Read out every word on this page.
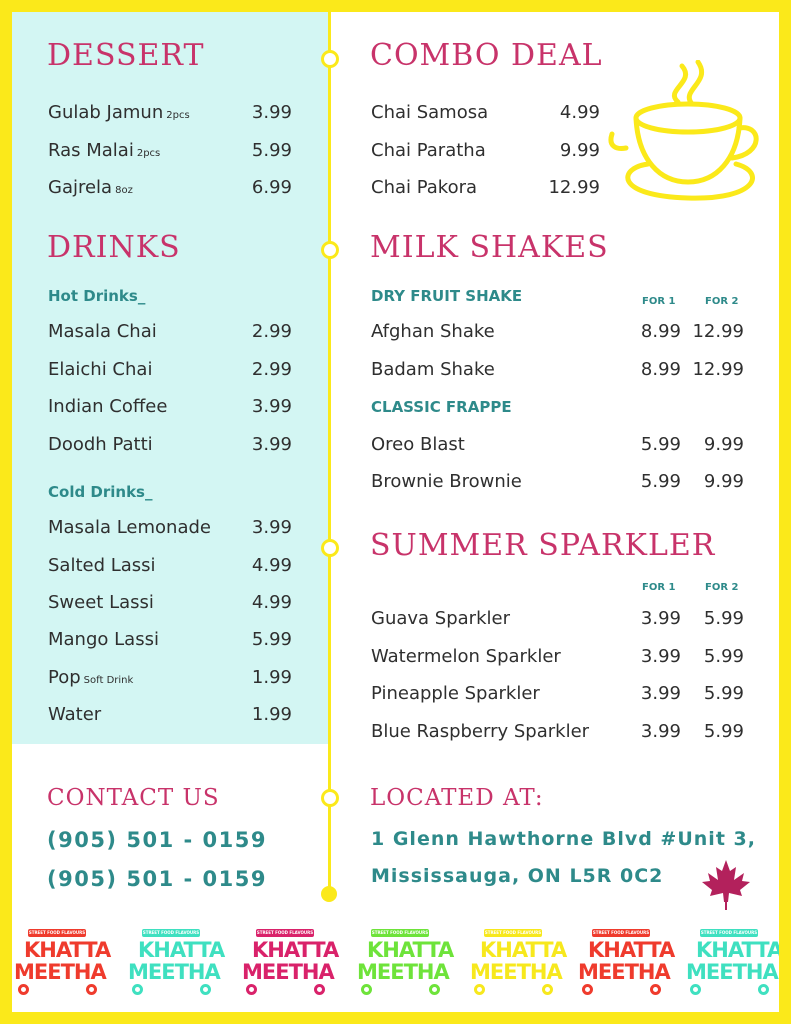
DESSERT
Gulab Jamun 2pcs	3.99
Ras Malai 2pcs	5.99
Gajrela 8oz	6.99
DRINKS
Hot Drinks_
Masala Chai	2.99
Elaichi Chai	2.99
Indian Coffee	3.99
Doodh Patti	3.99
Cold Drinks_
Masala Lemonade	3.99
Salted Lassi	4.99
Sweet Lassi	4.99
Mango Lassi	5.99
Pop Soft Drink	1.99
Water	1.99
COMBO DEAL
Chai Samosa	4.99
Chai Paratha	9.99
Chai Pakora	12.99
MILK SHAKES
DRY FRUIT SHAKE	FOR 1	FOR 2
Afghan Shake	8.99 12.99
Badam Shake	8.99 12.99
CLASSIC FRAPPE
Oreo Blast	5.99	9.99
Brownie Brownie	5.99	9.99
SUMMER SPARKLER
FOR 1	FOR 2
Guava Sparkler	3.99	5.99
Watermelon Sparkler	3.99	5.99
Pineapple Sparkler	3.99	5.99
Blue Raspberry Sparkler	3.99	5.99
CONTACT US
(905) 501 - 0159
(905) 501 - 0159
LOCATED AT:
1 Glenn Hawthorne Blvd #Unit 3,
Mississauga, ON L5R 0C2
STREET FOOD FLAVOURS
KHATTA
MEETHA
STREET FOOD FLAVOURS
KHATTA
MEETHA
STREET FOOD FLAVOURS
KHATTA
MEETHA
STREET FOOD FLAVOURS
KHATTA
MEETHA
STREET FOOD FLAVOURS
KHATTA
MEETHA
STREET FOOD FLAVOURS
KHATTA
MEETHA
STREET FOOD FLAVOURS
KHATTA
MEETHA
